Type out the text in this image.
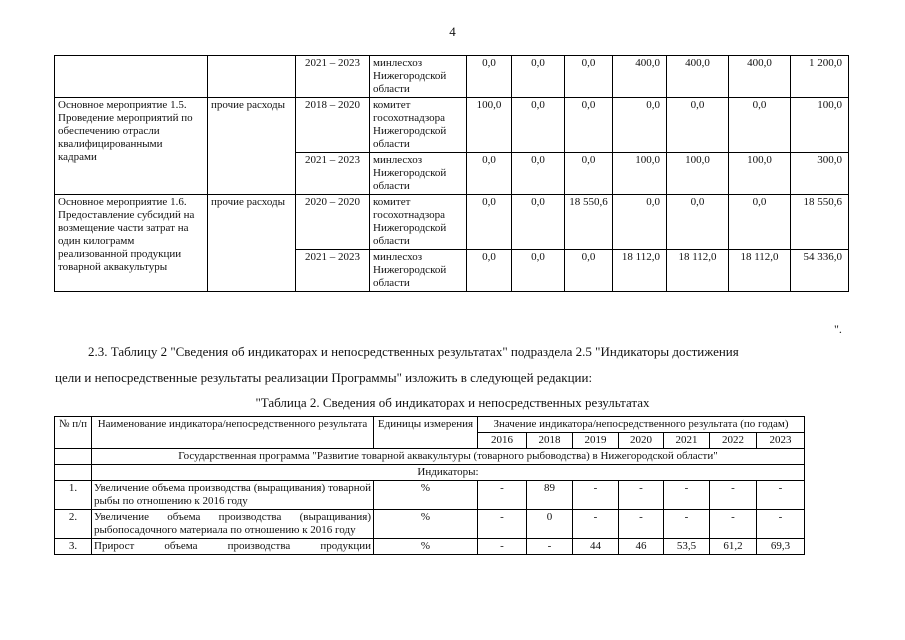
4
		2021 – 2023	минлесхоз Нижегородской области	0,0	0,0	0,0	400,0	400,0	400,0	1 200,0
Основное мероприятие 1.5. Проведение мероприятий по обеспечению отрасли квалифицированными кадрами	прочие расходы	2018 – 2020	комитет госохотнадзора Нижегородской области	100,0	0,0	0,0	0,0	0,0	0,0	100,0
		2021 – 2023	минлесхоз Нижегородской области	0,0	0,0	0,0	100,0	100,0	100,0	300,0
Основное мероприятие 1.6. Предоставление субсидий на возмещение части затрат на один килограмм реализованной продукции товарной аквакультуры	прочие расходы	2020 – 2020	комитет госохотнадзора Нижегородской области	0,0	0,0	18 550,6	0,0	0,0	0,0	18 550,6
		2021 – 2023	минлесхоз Нижегородской области	0,0	0,0	0,0	18 112,0	18 112,0	18 112,0	54 336,0
".
2.3. Таблицу 2 "Сведения об индикаторах и непосредственных результатах" подраздела 2.5 "Индикаторы достижения
цели и непосредственные результаты реализации Программы" изложить в следующей редакции:
"Таблица 2. Сведения об индикаторах и непосредственных результатах
№ п/п	Наименование индикатора/непосредственного результата	Единицы измерения	Значение индикатора/непосредственного результата (по годам)						
			2016	2018	2019	2020	2021	2022	2023
	Государственная программа "Развитие товарной аквакультуры (товарного рыбоводства) в Нижегородской области"								
	Индикаторы:								
1.	Увеличение объема производства (выращивания) товарной рыбы по отношению к 2016 году	%	-	89	-	-	-	-	-
2.	Увеличение объема производства (выращивания) рыбопосадочного материала по отношению к 2016 году	%	-	0	-	-	-	-	-
3.	Прирост объема производства продукции	%	-	-	44	46	53,5	61,2	69,3
